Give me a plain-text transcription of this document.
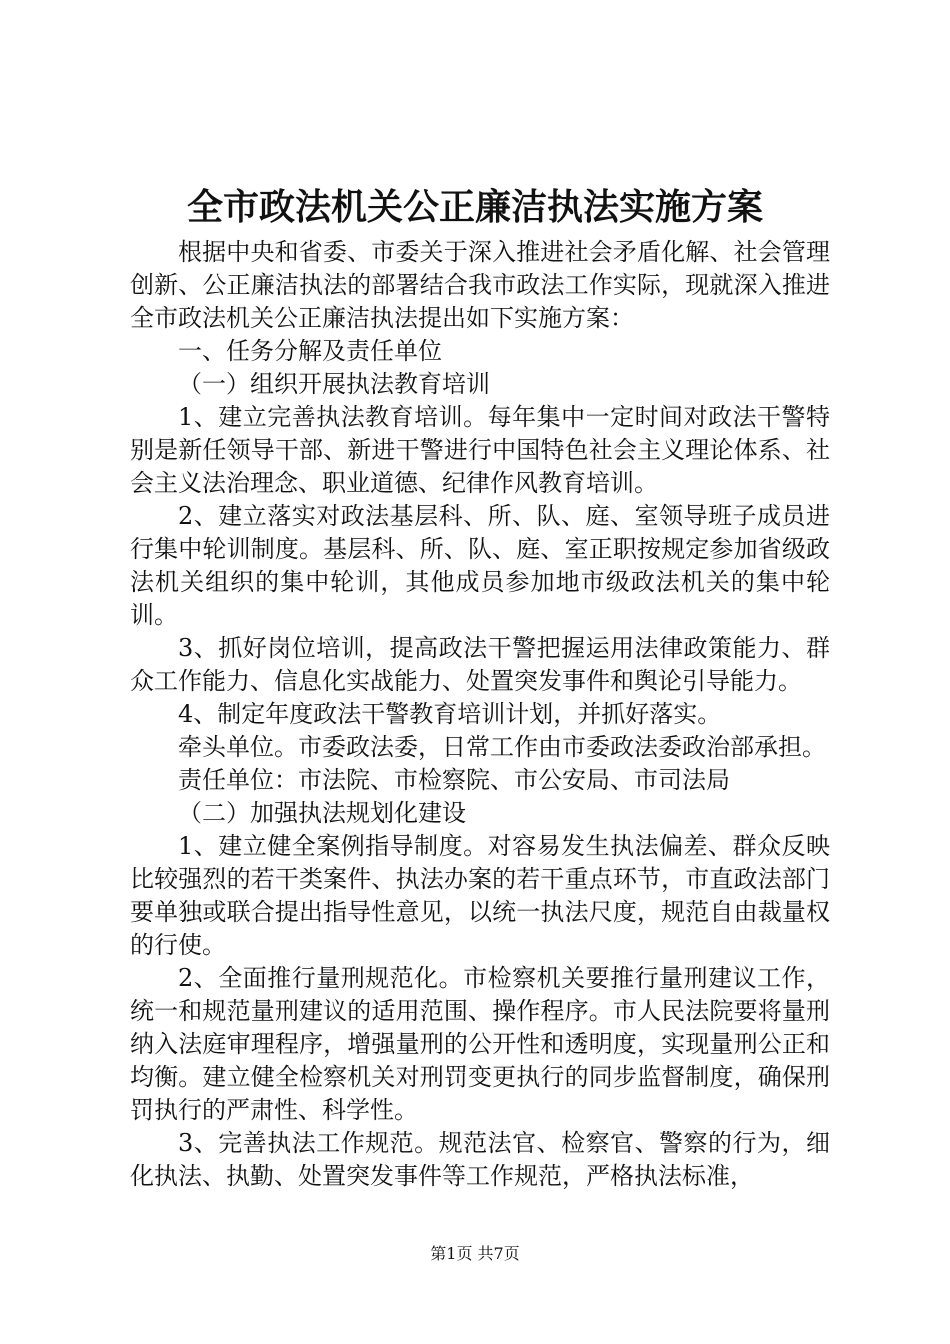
全市政法机关公正廉洁执法实施方案

根据中央和省委、市委关于深入推进社会矛盾化解、社会管理创新、公正廉洁执法的部署结合我市政法工作实际，现就深入推进全市政法机关公正廉洁执法提出如下实施方案：

一、任务分解及责任单位

（一）组织开展执法教育培训

1、建立完善执法教育培训。每年集中一定时间对政法干警特别是新任领导干部、新进干警进行中国特色社会主义理论体系、社会主义法治理念、职业道德、纪律作风教育培训。

2、建立落实对政法基层科、所、队、庭、室领导班子成员进行集中轮训制度。基层科、所、队、庭、室正职按规定参加省级政法机关组织的集中轮训，其他成员参加地市级政法机关的集中轮训。

3、抓好岗位培训，提高政法干警把握运用法律政策能力、群众工作能力、信息化实战能力、处置突发事件和舆论引导能力。

4、制定年度政法干警教育培训计划，并抓好落实。

牵头单位。市委政法委，日常工作由市委政法委政治部承担。

责任单位：市法院、市检察院、市公安局、市司法局

（二）加强执法规划化建设

1、建立健全案例指导制度。对容易发生执法偏差、群众反映比较强烈的若干类案件、执法办案的若干重点环节，市直政法部门要单独或联合提出指导性意见，以统一执法尺度，规范自由裁量权的行使。

2、全面推行量刑规范化。市检察机关要推行量刑建议工作，统一和规范量刑建议的适用范围、操作程序。市人民法院要将量刑纳入法庭审理程序，增强量刑的公开性和透明度，实现量刑公正和均衡。建立健全检察机关对刑罚变更执行的同步监督制度，确保刑罚执行的严肃性、科学性。

3、完善执法工作规范。规范法官、检察官、警察的行为，细化执法、执勤、处置突发事件等工作规范，严格执法标准，

第1页 共7页
